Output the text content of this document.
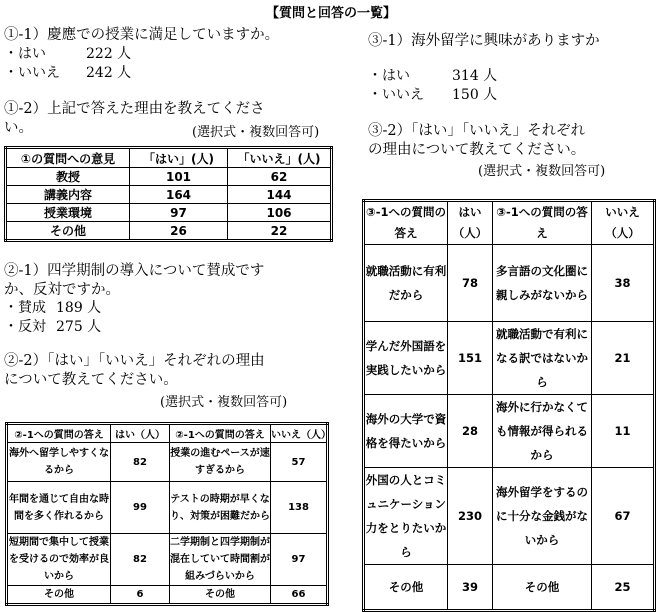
【質問と回答の一覧】
①-1）慶應での授業に満足していますか。
・はい	222 人
・いいえ 242 人
①-2）上記で答えた理由を教えてくださ
い。	(選択式・複数回答可)
①の質問への意見	「はい」(人)	「いいえ」(人)
教授	101	62
講義内容	164	144
授業環境	97	106
その他	26	22
②-1）四学期制の導入について賛成です
か、反対ですか。
・賛成 189 人
・反対 275 人
②-2）「はい」「いいえ」それぞれの理由
について教えてください。
(選択式・複数回答可)
②-1への質問の答え	はい（人）	②-1への質問の答え	いいえ（人）
海外へ留学しやすくなるから	82	授業の進むペースが速すぎるから	57
年間を通じて自由な時間を多く作れるから	99	テストの時期が早くなり、対策が困難だから	138
短期間で集中して授業を受けるので効率が良いから	82	二学期制と四学期制が混在していて時間割が組みづらいから	97
その他	6	その他	66
③-1）海外留学に興味がありますか
・はい	314 人
・いいえ 150 人
③-2）「はい」「いいえ」それぞれ
の理由について教えてください。
(選択式・複数回答可)
③-1への質問の答え	はい（人）	③-1への質問の答え	いいえ（人）
就職活動に有利だから	78	多言語の文化圏に親しみがないから	38
学んだ外国語を実践したいから	151	就職活動で有利になる訳ではないから	21
海外の大学で資格を得たいから	28	海外に行かなくても情報が得られるから	11
外国の人とコミュニケーション力をとりたいから	230	海外留学をするのに十分な金銭がないから	67
その他	39	その他	25
